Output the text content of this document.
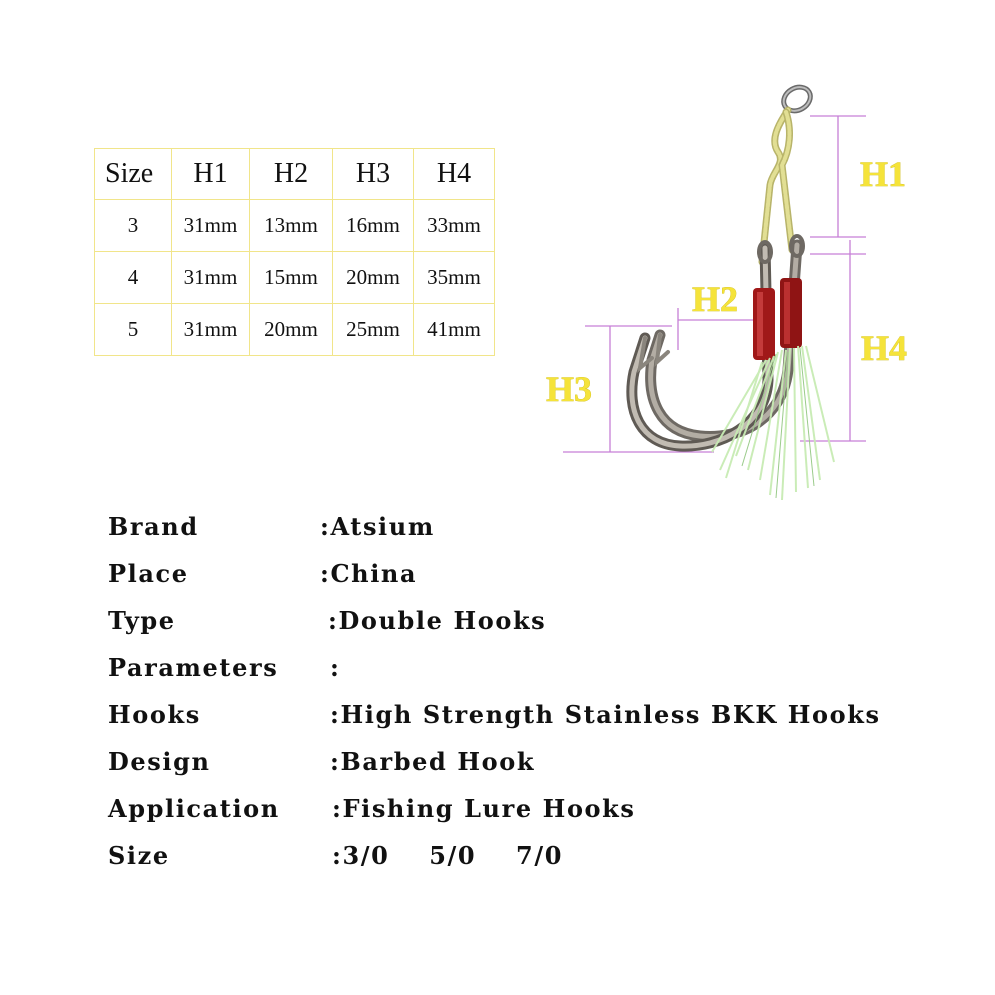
Size	H1	H2	H3	H4
3	31mm	13mm	16mm	33mm
4	31mm	15mm	20mm	35mm
5	31mm	20mm	25mm	41mm
H1
H2
H3
H4
Brand	:Atsium
Place	:China
Type	:Double Hooks
Parameters :
Hooks	:High Strength Stainless BKK Hooks
Design	:Barbed Hook
Application :Fishing Lure Hooks
Size	:3/0    5/0    7/0
